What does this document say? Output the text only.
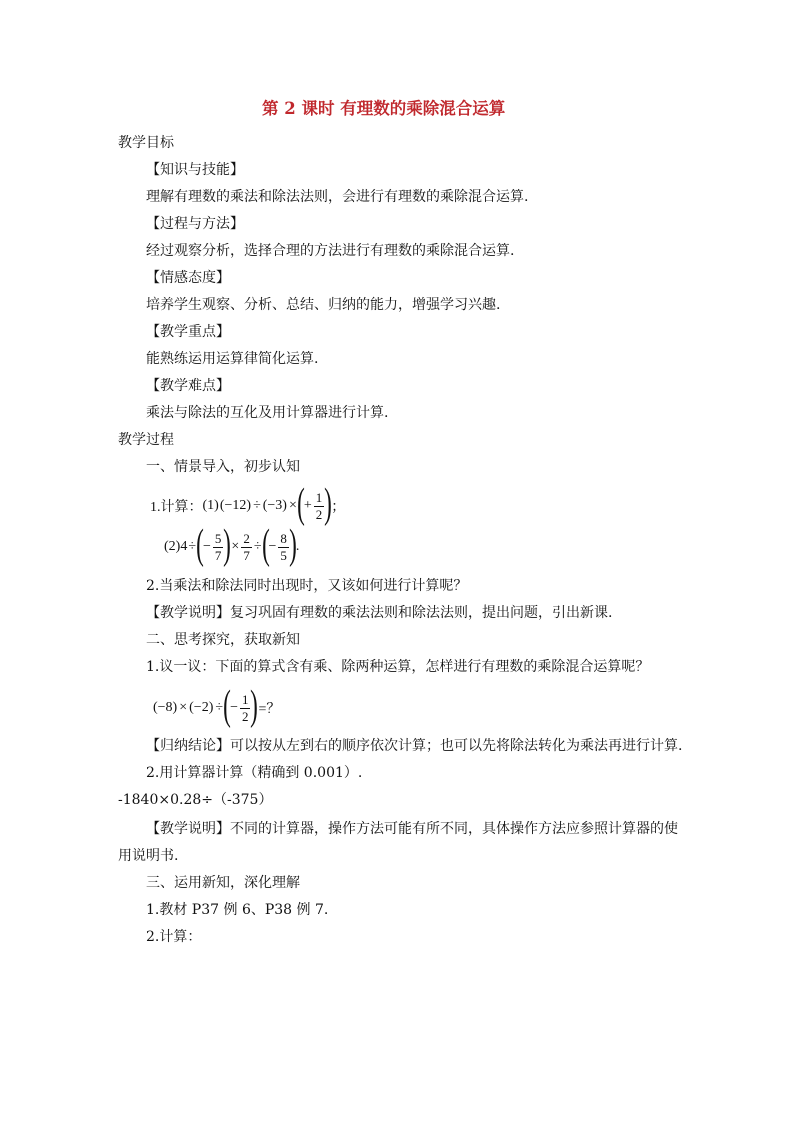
第 2 课时 有理数的乘除混合运算
教学目标
【知识与技能】
理解有理数的乘法和除法法则，会进行有理数的乘除混合运算.
【过程与方法】
经过观察分析，选择合理的方法进行有理数的乘除混合运算.
【情感态度】
培养学生观察、分析、总结、归纳的能力，增强学习兴趣.
【教学重点】
能熟练运用运算律简化运算.
【教学难点】
乘法与除法的互化及用计算器进行计算.
教学过程
一、情景导入，初步认知
1.计算： (1) (−12) ÷ (−3) × ( + $\frac{1}{2}$ ) ；
(2)4 ÷ ( − $\frac{5}{7}$ ) × $\frac{2}{7}$ ÷ ( − $\frac{8}{5}$ ) .
2.当乘法和除法同时出现时，又该如何进行计算呢？
【教学说明】复习巩固有理数的乘法法则和除法法则，提出问题，引出新课.
二、思考探究，获取新知
1.议一议：下面的算式含有乘、除两种运算，怎样进行有理数的乘除混合运算呢？
(−8) × (−2) ÷ ( − $\frac{1}{2}$ ) =？
【归纳结论】可以按从左到右的顺序依次计算；也可以先将除法转化为乘法再进行计算.
2.用计算器计算（精确到 0.001）.
-1840×0.28÷（-375）
【教学说明】不同的计算器，操作方法可能有所不同，具体操作方法应参照计算器的使
用说明书.
三、运用新知，深化理解
1.教材 P37 例 6、P38 例 7.
2.计算：
